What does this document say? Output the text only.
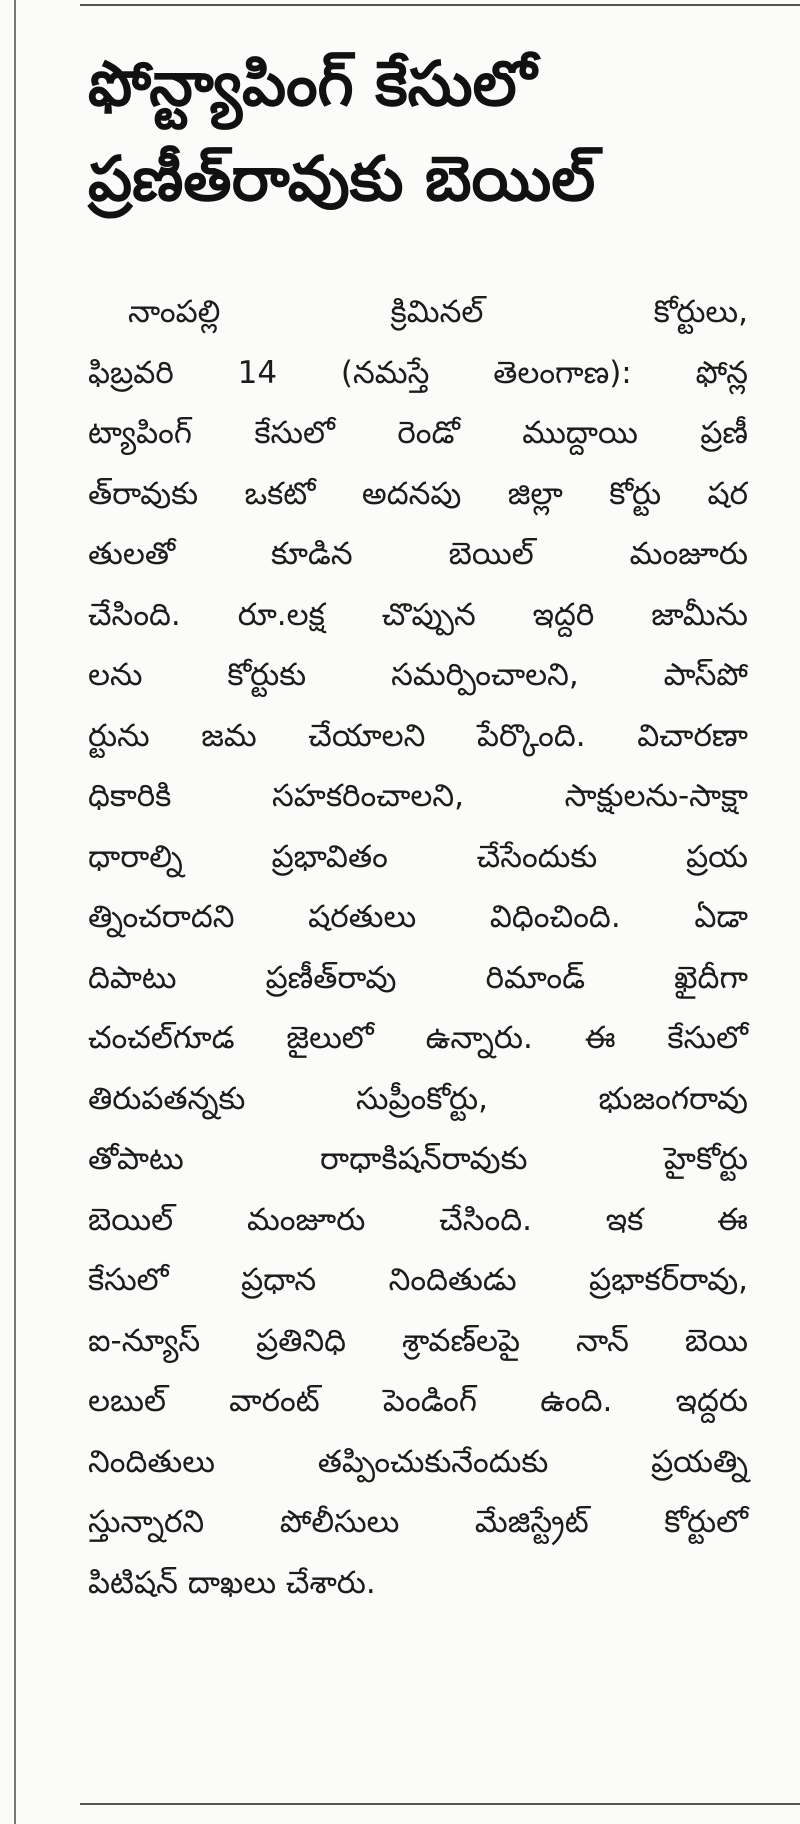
ఫోన్ట్యాపింగ్ కేసులో
ప్రణీత్‌రావుకు బెయిల్
నాంపల్లి క్రిమినల్ కోర్టులు,
ఫిబ్రవరి 14 (నమస్తే తెలంగాణ): ఫోన్ల
ట్యాపింగ్ కేసులో రెండో ముద్దాయి ప్రణీ
త్‌రావుకు ఒకటో అదనపు జిల్లా కోర్టు షర
తులతో కూడిన బెయిల్ మంజూరు
చేసింది. రూ.లక్ష చొప్పున ఇద్దరి జామీను
లను కోర్టుకు సమర్పించాలని, పాస్‌పో
ర్టును జమ చేయాలని పేర్కొంది. విచారణా
ధికారికి సహకరించాలని, సాక్షులను-సాక్షా
ధారాల్ని ప్రభావితం చేసేందుకు ప్రయ
త్నించరాదని షరతులు విధించింది. ఏడా
దిపాటు ప్రణీత్‌రావు రిమాండ్ ఖైదీగా
చంచల్‌గూడ జైలులో ఉన్నారు. ఈ కేసులో
తిరుపతన్నకు సుప్రీంకోర్టు, భుజంగరావు
తోపాటు రాధాకిషన్‌రావుకు హైకోర్టు
బెయిల్ మంజూరు చేసింది. ఇక ఈ
కేసులో ప్రధాన నిందితుడు ప్రభాకర్‌రావు,
ఐ-న్యూస్ ప్రతినిధి శ్రావణ్‌లపై నాన్ బెయి
లబుల్ వారంట్ పెండింగ్ ఉంది. ఇద్దరు
నిందితులు తప్పించుకునేందుకు ప్రయత్ని
స్తున్నారని పోలీసులు మేజిస్ట్రేట్ కోర్టులో
పిటిషన్ దాఖలు చేశారు.
